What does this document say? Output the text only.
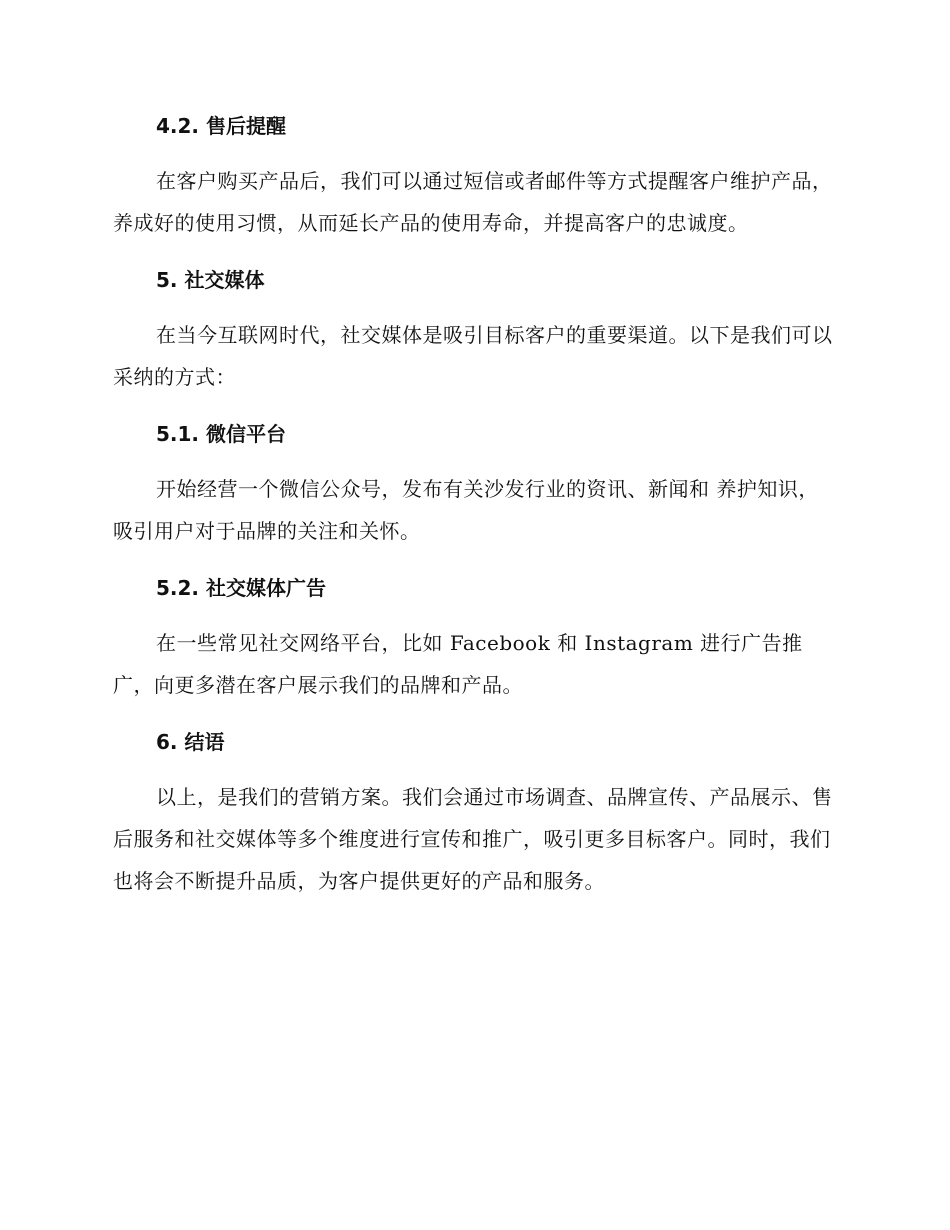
4.2. 售后提醒

在客户购买产品后，我们可以通过短信或者邮件等方式提醒客户维护产品，养成好的使用习惯，从而延长产品的使用寿命，并提高客户的忠诚度。

5. 社交媒体

在当今互联网时代，社交媒体是吸引目标客户的重要渠道。以下是我们可以采纳的方式：

5.1. 微信平台

开始经营一个微信公众号，发布有关沙发行业的资讯、新闻和 养护知识，吸引用户对于品牌的关注和关怀。

5.2. 社交媒体广告

在一些常见社交网络平台，比如 Facebook 和 Instagram 进行广告推广，向更多潜在客户展示我们的品牌和产品。

6. 结语

以上，是我们的营销方案。我们会通过市场调查、品牌宣传、产品展示、售后服务和社交媒体等多个维度进行宣传和推广，吸引更多目标客户。同时，我们也将会不断提升品质，为客户提供更好的产品和服务。
